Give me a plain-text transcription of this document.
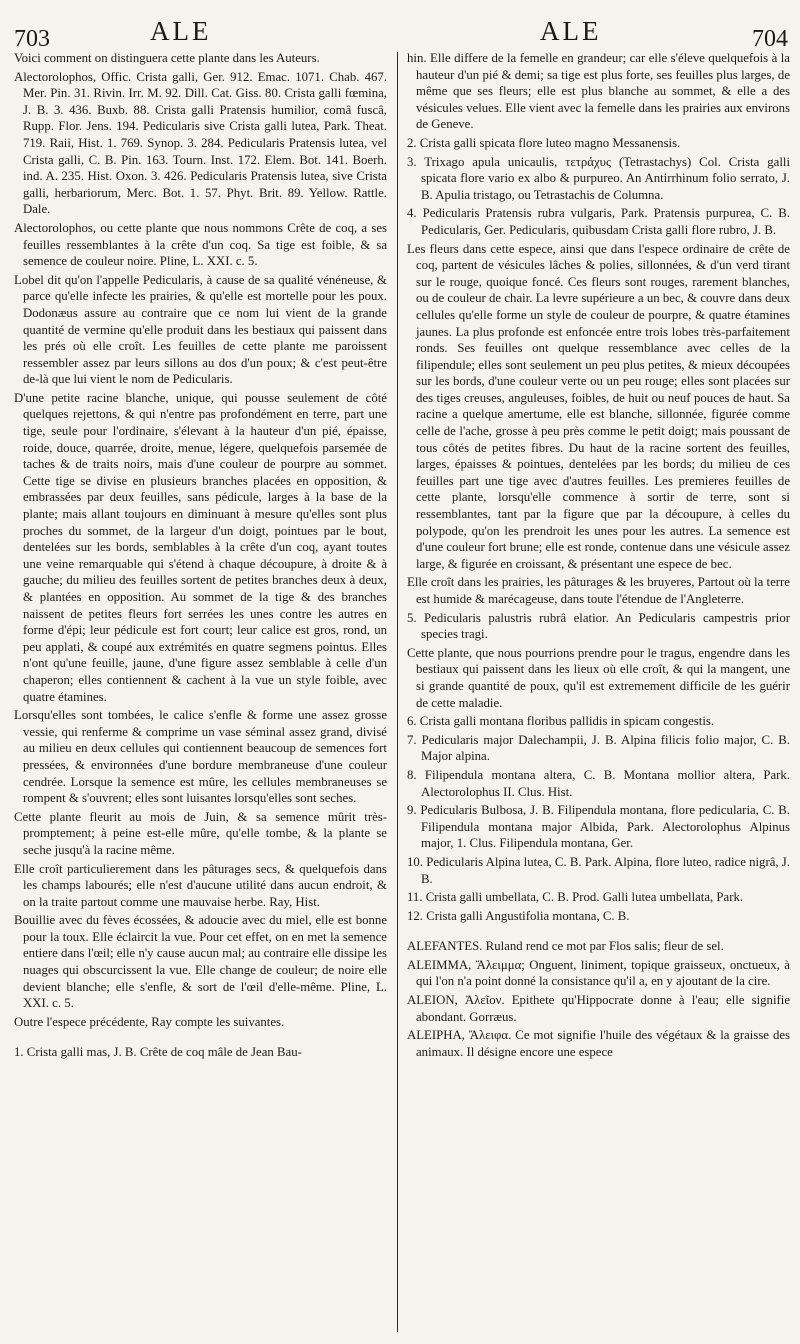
703	ALE	ALE	704

Voici comment on distinguera cette plante dans les Auteurs.

Alectorolophos, Offic. Crista galli, Ger. 912. Emac. 1071. Chab. 467. Mer. Pin. 31. Rivin. Irr. M. 92. Dill. Cat. Giss. 80. Crista galli fœmina, J. B. 3. 436. Buxb. 88. Crista galli Pratensis humilior, comâ fuscâ, Rupp. Flor. Jens. 194. Pedicularis sive Crista galli lutea, Park. Theat. 719. Raii, Hist. 1. 769. Synop. 3. 284. Pedicularis Pratensis lutea, vel Crista galli, C. B. Pin. 163. Tourn. Inst. 172. Elem. Bot. 141. Boerh. ind. A. 235. Hist. Oxon. 3. 426. Pedicularis Pratensis lutea, sive Crista galli, herbariorum, Merc. Bot. 1. 57. Phyt. Brit. 89. Yellow. Rattle. Dale.

Alectorolophos, ou cette plante que nous nommons Crête de coq, a ses feuilles ressemblantes à la crête d'un coq. Sa tige est foible, & sa semence de couleur noire. Pline, L. XXI. c. 5.

Lobel dit qu'on l'appelle Pedicularis, à cause de sa qualité vénéneuse, & parce qu'elle infecte les prairies, & qu'elle est mortelle pour les poux. Dodonæus assure au contraire que ce nom lui vient de la grande quantité de vermine qu'elle produit dans les bestiaux qui paissent dans les prés où elle croît. Les feuilles de cette plante me paroissent ressembler assez par leurs sillons au dos d'un poux; & c'est peut-être de-là que lui vient le nom de Pedicularis.

D'une petite racine blanche, unique, qui pousse seulement de côté quelques rejettons, & qui n'entre pas profondément en terre, part une tige, seule pour l'ordinaire, s'élevant à la hauteur d'un pié, épaisse, roide, douce, quarrée, droite, menue, légere, quelquefois parsemée de taches & de traits noirs, mais d'une couleur de pourpre au sommet. Cette tige se divise en plusieurs branches placées en opposition, & embrassées par deux feuilles, sans pédicule, larges à la base de la plante; mais allant toujours en diminuant à mesure qu'elles sont plus proches du sommet, de la largeur d'un doigt, pointues par le bout, dentelées sur les bords, semblables à la crête d'un coq, ayant toutes une veine remarquable qui s'étend à chaque découpure, à droite & à gauche; du milieu des feuilles sortent de petites branches deux à deux, & plantées en opposition. Au sommet de la tige & des branches naissent de petites fleurs fort serrées les unes contre les autres en forme d'épi; leur pédicule est fort court; leur calice est gros, rond, un peu applati, & coupé aux extrémités en quatre segmens pointus. Elles n'ont qu'une feuille, jaune, d'une figure assez semblable à celle d'un chaperon; elles contiennent & cachent à la vue un style foible, avec quatre étamines.

Lorsqu'elles sont tombées, le calice s'enfle & forme une assez grosse vessie, qui renferme & comprime un vase séminal assez grand, divisé au milieu en deux cellules qui contiennent beaucoup de semences fort pressées, & environnées d'une bordure membraneuse d'une couleur cendrée. Lorsque la semence est mûre, les cellules membraneuses se rompent & s'ouvrent; elles sont luisantes lorsqu'elles sont seches.

Cette plante fleurit au mois de Juin, & sa semence mûrit très-promptement; à peine est-elle mûre, qu'elle tombe, & la plante se seche jusqu'à la racine même.

Elle croît particulierement dans les pâturages secs, & quelquefois dans les champs labourés; elle n'est d'aucune utilité dans aucun endroit, & on la traite partout comme une mauvaise herbe. Ray, Hist.

Bouillie avec du fèves écossées, & adoucie avec du miel, elle est bonne pour la toux. Elle éclaircit la vue. Pour cet effet, on en met la semence entiere dans l'œil; elle n'y cause aucun mal; au contraire elle dissipe les nuages qui obscurcissent la vue. Elle change de couleur; de noire elle devient blanche; elle s'enfle, & sort de l'œil d'elle-même. Pline, L. XXI. c. 5.

Outre l'espece précédente, Ray compte les suivantes.

1. Crista galli mas, J. B. Crête de coq mâle de Jean Bau-

hin. Elle differe de la femelle en grandeur; car elle s'éleve quelquefois à la hauteur d'un pié & demi; sa tige est plus forte, ses feuilles plus larges, de même que ses fleurs; elle est plus blanche au sommet, & elle a des vésicules velues. Elle vient avec la femelle dans les prairies aux environs de Geneve.

2. Crista galli spicata flore luteo magno Messanensis.

3. Trixago apula unicaulis, τετράχυς (Tetrastachys) Col. Crista galli spicata flore vario ex albo & purpureo. An Antirrhinum folio serrato, J. B. Apulia tristago, ou Tetrastachis de Columna.

4. Pedicularis Pratensis rubra vulgaris, Park. Pratensis purpurea, C. B. Pedicularis, Ger. Pedicularis, quibusdam Crista galli flore rubro, J. B.

Les fleurs dans cette espece, ainsi que dans l'espece ordinaire de crête de coq, partent de vésicules lâches & polies, sillonnées, & d'un verd tirant sur le rouge, quoique foncé. Ces fleurs sont rouges, rarement blanches, ou de couleur de chair. La levre supérieure a un bec, & couvre dans deux cellules qu'elle forme un style de couleur de pourpre, & quatre étamines jaunes. La plus profonde est enfoncée entre trois lobes très-parfaitement ronds. Ses feuilles ont quelque ressemblance avec celles de la filipendule; elles sont seulement un peu plus petites, & mieux découpées sur les bords, d'une couleur verte ou un peu rouge; elles sont placées sur des tiges creuses, anguleuses, foibles, de huit ou neuf pouces de haut. Sa racine a quelque amertume, elle est blanche, sillonnée, figurée comme celle de l'ache, grosse à peu près comme le petit doigt; mais poussant de tous côtés de petites fibres. Du haut de la racine sortent des feuilles, larges, épaisses & pointues, dentelées par les bords; du milieu de ces feuilles part une tige avec d'autres feuilles. Les premieres feuilles de cette plante, lorsqu'elle commence à sortir de terre, sont si ressemblantes, tant par la figure que par la découpure, à celles du polypode, qu'on les prendroit les unes pour les autres. La semence est d'une couleur fort brune; elle est ronde, contenue dans une vésicule assez large, & figurée en croissant, & présentant une espece de bec.

Elle croît dans les prairies, les pâturages & les bruyeres, Partout où la terre est humide & marécageuse, dans toute l'étendue de l'Angleterre.

5. Pedicularis palustris rubrâ elatior. An Pedicularis campestris prior species tragi.

Cette plante, que nous pourrions prendre pour le tragus, engendre dans les bestiaux qui paissent dans les lieux où elle croît, & qui la mangent, une si grande quantité de poux, qu'il est extremement difficile de les guérir de cette maladie.

6. Crista galli montana floribus pallidis in spicam congestis.

7. Pedicularis major Dalechampii, J. B. Alpina filicis folio major, C. B. Major alpina.

8. Filipendula montana altera, C. B. Montana mollior altera, Park. Alectorolophus II. Clus. Hist.

9. Pedicularis Bulbosa, J. B. Filipendula montana, flore pedicularia, C. B. Filipendula montana major Albida, Park. Alectorolophus Alpinus major, 1. Clus. Filipendula montana, Ger.

10. Pedicularis Alpina lutea, C. B. Park. Alpina, flore luteo, radice nigrâ, J. B.

11. Crista galli umbellata, C. B. Prod. Galli lutea umbellata, Park.

12. Crista galli Angustifolia montana, C. B.

ALEFANTES. Ruland rend ce mot par Flos salis; fleur de sel.

ALEIMMA, Ἄλειμμα; Onguent, liniment, topique graisseux, onctueux, à qui l'on n'a point donné la consistance qu'il a, en y ajoutant de la cire.

ALEION, Ἀλεῖον. Epithete qu'Hippocrate donne à l'eau; elle signifie abondant. Gorræus.

ALEIPHA, Ἄλειφα. Ce mot signifie l'huile des végétaux & la graisse des animaux. Il désigne encore une espece
